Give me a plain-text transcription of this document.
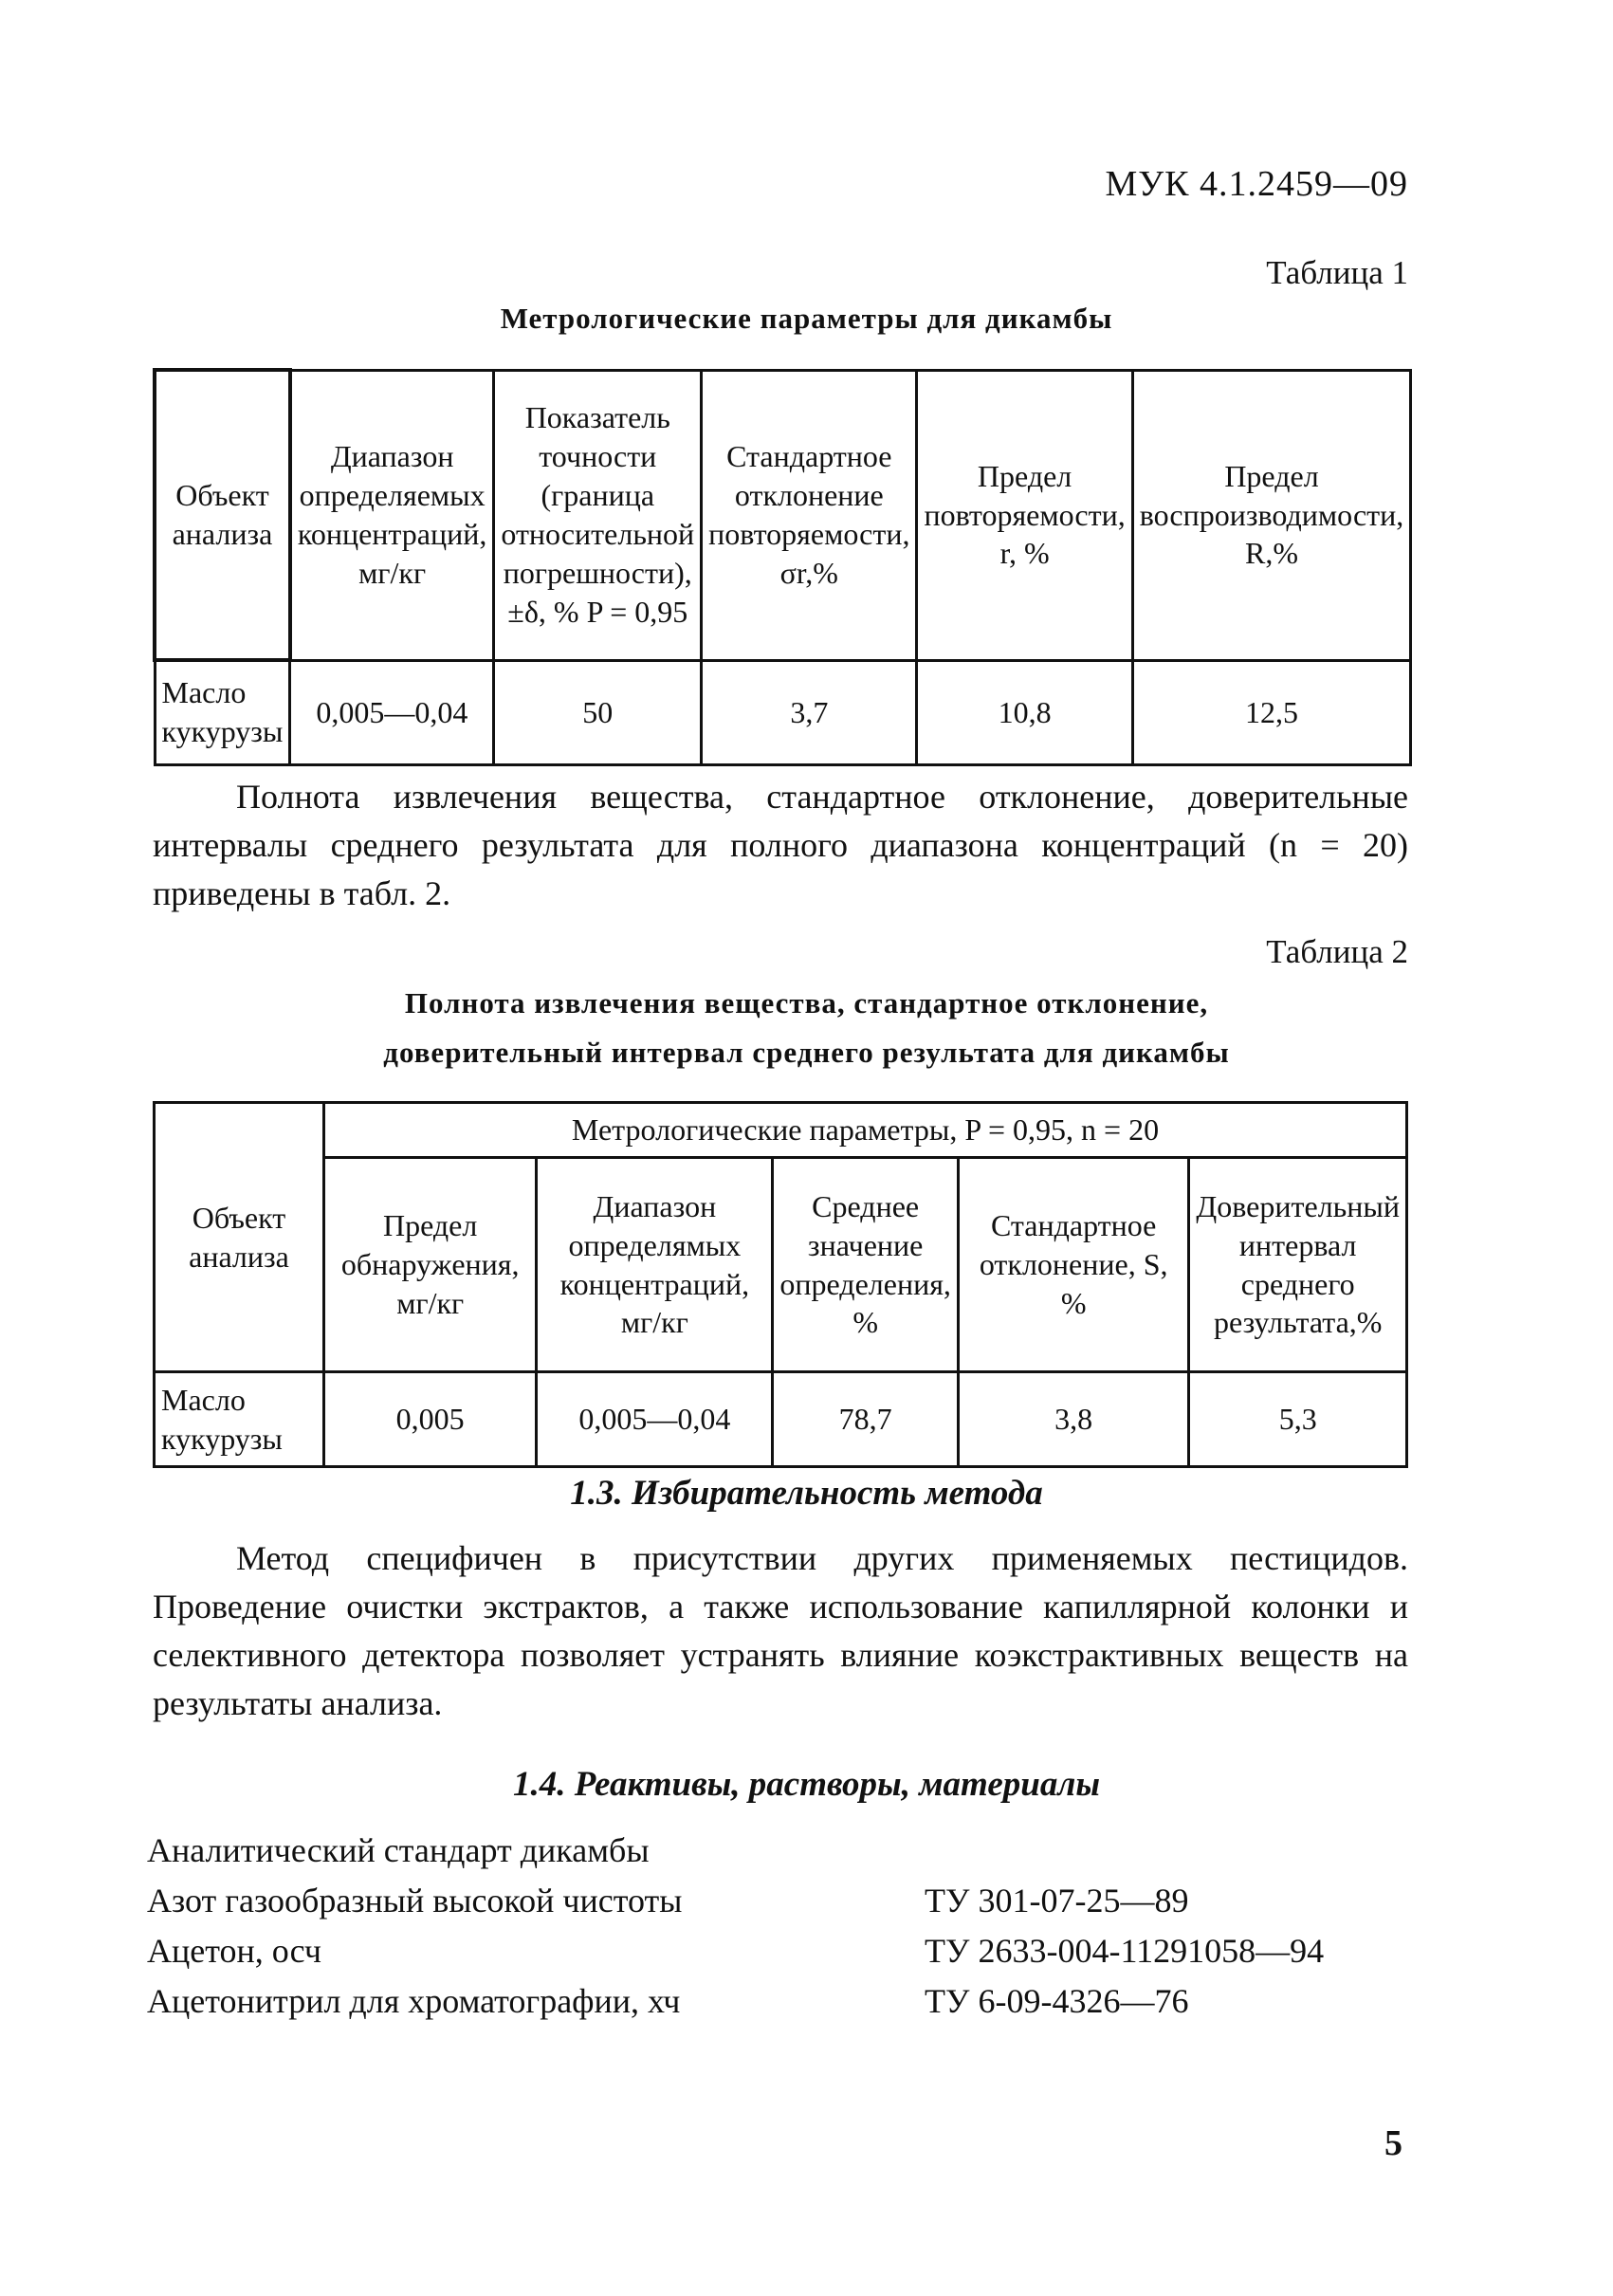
МУК 4.1.2459—09
Таблица 1
Метрологические параметры для дикамбы
Объект анализа	Диапазон определяемых концентраций, мг/кг	Показатель точности (граница относительной погрешности), ±δ, % P = 0,95	Стандартное отклонение повторяемости, σr,%	Предел повторяемости, r, %	Предел воспроизводимости, R,%
Масло кукурузы	0,005—0,04	50	3,7	10,8	12,5

Полнота извлечения вещества, стандартное отклонение, доверительные интервалы среднего результата для полного диапазона концентраций (n = 20) приведены в табл. 2.

Таблица 2
Полнота извлечения вещества, стандартное отклонение,
доверительный интервал среднего результата для дикамбы
Объект анализа	Метрологические параметры, P = 0,95, n = 20				
	Предел обнаружения, мг/кг	Диапазон определямых концентраций, мг/кг	Среднее значение определения, %	Стандартное отклонение, S, %	Доверительный интервал среднего результата,%
Масло кукурузы	0,005	0,005—0,04	78,7	3,8	5,3
1.3. Избирательность метода

Метод специфичен в присутствии других применяемых пестицидов. Проведение очистки экстрактов, а также использование капиллярной колонки и селективного детектора позволяет устранять влияние коэкстрактивных веществ на результаты анализа.

1.4. Реактивы, растворы, материалы
Аналитический стандарт дикамбы
Азот газообразный высокой чистоты	ТУ 301-07-25—89
Ацетон, осч	ТУ 2633-004-11291058—94
Ацетонитрил для хроматографии, хч	ТУ 6-09-4326—76
5
